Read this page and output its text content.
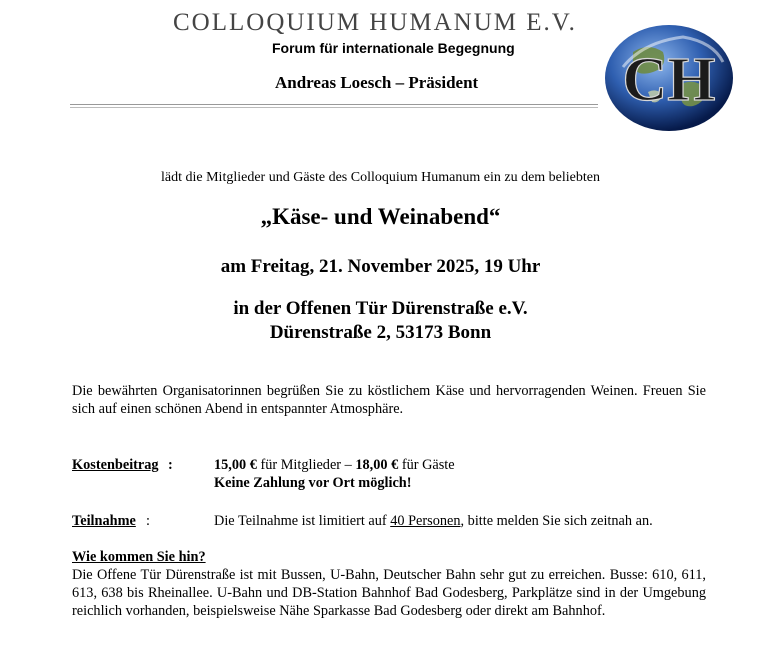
COLLOQUIUM HUMANUM E.V.
Forum für internationale Begegnung
Andreas Loesch – Präsident CH
lädt die Mitglieder und Gäste des Colloquium Humanum ein zu dem beliebten
„Käse- und Weinabend“
am Freitag, 21. November 2025, 19 Uhr
in der Offenen Tür Dürenstraße e.V.
Dürenstraße 2, 53173 Bonn
Die bewährten Organisatorinnen begrüßen Sie zu köstlichem Käse und hervorragenden Weinen. Freuen Sie sich auf einen schönen Abend in entspannter Atmosphäre.
Kostenbeitrag :	15,00 € für Mitglieder – 18,00 € für Gäste
Keine Zahlung vor Ort möglich!
Teilnahme :	Die Teilnahme ist limitiert auf 40 Personen, bitte melden Sie sich zeitnah an.
Wie kommen Sie hin?
Die Offene Tür Dürenstraße ist mit Bussen, U-Bahn, Deutscher Bahn sehr gut zu erreichen. Busse: 610, 611, 613, 638 bis Rheinallee. U-Bahn und DB-Station Bahnhof Bad Godesberg, Parkplätze sind in der Umgebung reichlich vorhanden, beispielsweise Nähe Sparkasse Bad Godesberg oder direkt am Bahnhof.
